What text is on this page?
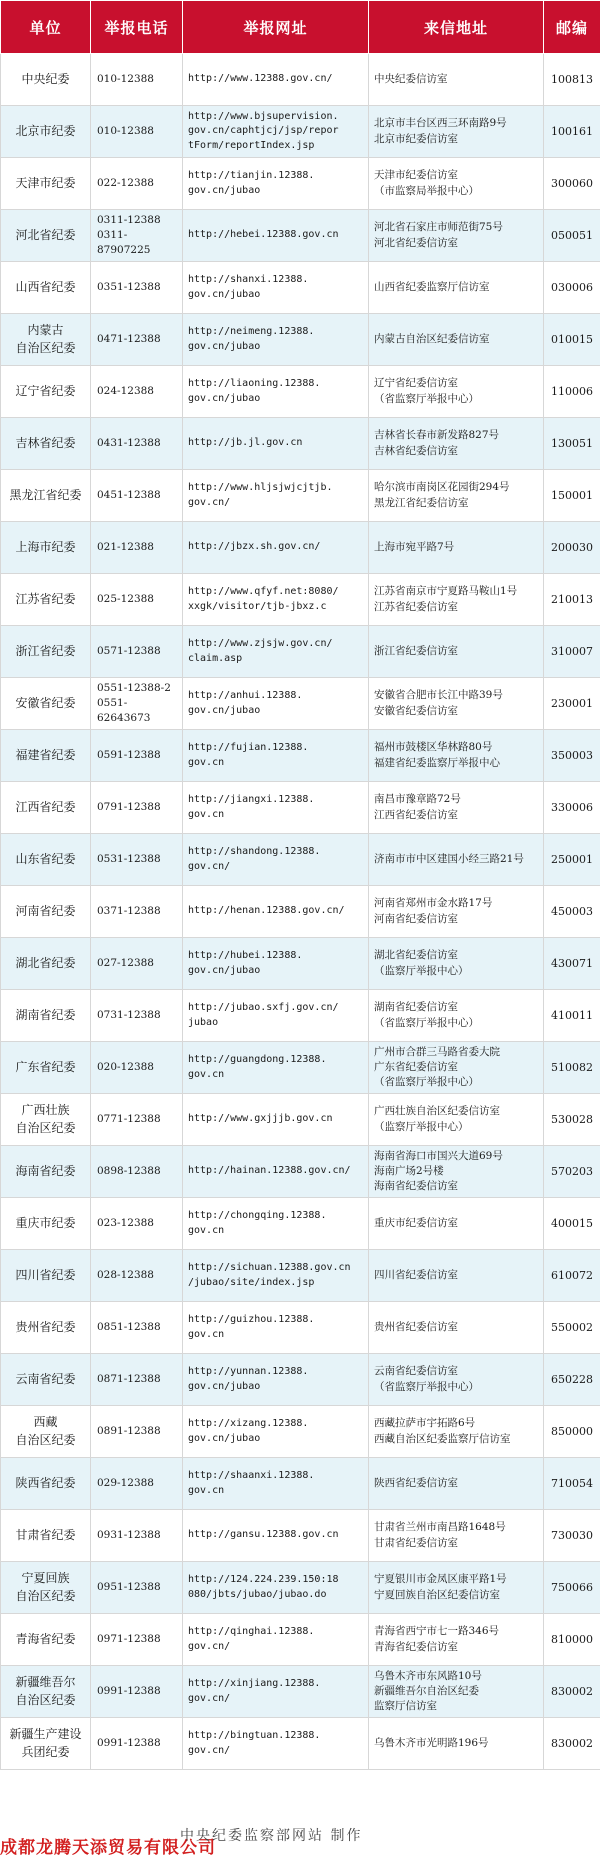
单位	举报电话	举报网址	来信地址	邮编
中央纪委	010-12388	http://www.12388.gov.cn/	中央纪委信访室	100813
北京市纪委	010-12388	http://www.bjsupervision.
gov.cn/caphtjcj/jsp/repor
tForm/reportIndex.jsp	北京市丰台区西三环南路9号
北京市纪委信访室	100161
天津市纪委	022-12388	http://tianjin.12388.
gov.cn/jubao	天津市纪委信访室
（市监察局举报中心）	300060
河北省纪委	0311-12388
0311-87907225	http://hebei.12388.gov.cn	河北省石家庄市师范街75号
河北省纪委信访室	050051
山西省纪委	0351-12388	http://shanxi.12388.
gov.cn/jubao	山西省纪委监察厅信访室	030006
内蒙古
自治区纪委	0471-12388	http://neimeng.12388.
gov.cn/jubao	内蒙古自治区纪委信访室	010015
辽宁省纪委	024-12388	http://liaoning.12388.
gov.cn/jubao	辽宁省纪委信访室
（省监察厅举报中心）	110006
吉林省纪委	0431-12388	http://jb.jl.gov.cn	吉林省长春市新发路827号
吉林省纪委信访室	130051
黑龙江省纪委	0451-12388	http://www.hljsjwjcjtjb.
gov.cn/	哈尔滨市南岗区花园街294号
黑龙江省纪委信访室	150001
上海市纪委	021-12388	http://jbzx.sh.gov.cn/	上海市宛平路7号	200030
江苏省纪委	025-12388	http://www.qfyf.net:8080/
xxgk/visitor/tjb-jbxz.c	江苏省南京市宁夏路马鞍山1号
江苏省纪委信访室	210013
浙江省纪委	0571-12388	http://www.zjsjw.gov.cn/
claim.asp	浙江省纪委信访室	310007
安徽省纪委	0551-12388-2
0551-62643673	http://anhui.12388.
gov.cn/jubao	安徽省合肥市长江中路39号
安徽省纪委信访室	230001
福建省纪委	0591-12388	http://fujian.12388.
gov.cn	福州市鼓楼区华林路80号
福建省纪委监察厅举报中心	350003
江西省纪委	0791-12388	http://jiangxi.12388.
gov.cn	南昌市豫章路72号
江西省纪委信访室	330006
山东省纪委	0531-12388	http://shandong.12388.
gov.cn/	济南市市中区建国小经三路21号	250001
河南省纪委	0371-12388	http://henan.12388.gov.cn/	河南省郑州市金水路17号
河南省纪委信访室	450003
湖北省纪委	027-12388	http://hubei.12388.
gov.cn/jubao	湖北省纪委信访室
（监察厅举报中心）	430071
湖南省纪委	0731-12388	http://jubao.sxfj.gov.cn/
jubao	湖南省纪委信访室
（省监察厅举报中心）	410011
广东省纪委	020-12388	http://guangdong.12388.
gov.cn	广州市合群三马路省委大院
广东省纪委信访室
（省监察厅举报中心）	510082
广西壮族
自治区纪委	0771-12388	http://www.gxjjjb.gov.cn	广西壮族自治区纪委信访室
（监察厅举报中心）	530028
海南省纪委	0898-12388	http://hainan.12388.gov.cn/	海南省海口市国兴大道69号
海南广场2号楼
海南省纪委信访室	570203
重庆市纪委	023-12388	http://chongqing.12388.
gov.cn	重庆市纪委信访室	400015
四川省纪委	028-12388	http://sichuan.12388.gov.cn
/jubao/site/index.jsp	四川省纪委信访室	610072
贵州省纪委	0851-12388	http://guizhou.12388.
gov.cn	贵州省纪委信访室	550002
云南省纪委	0871-12388	http://yunnan.12388.
gov.cn/jubao	云南省纪委信访室
（省监察厅举报中心）	650228
西藏
自治区纪委	0891-12388	http://xizang.12388.
gov.cn/jubao	西藏拉萨市宇拓路6号
西藏自治区纪委监察厅信访室	850000
陕西省纪委	029-12388	http://shaanxi.12388.
gov.cn	陕西省纪委信访室	710054
甘肃省纪委	0931-12388	http://gansu.12388.gov.cn	甘肃省兰州市南昌路1648号
甘肃省纪委信访室	730030
宁夏回族
自治区纪委	0951-12388	http://124.224.239.150:18
080/jbts/jubao/jubao.do	宁夏银川市金凤区康平路1号
宁夏回族自治区纪委信访室	750066
青海省纪委	0971-12388	http://qinghai.12388.
gov.cn/	青海省西宁市七一路346号
青海省纪委信访室	810000
新疆维吾尔
自治区纪委	0991-12388	http://xinjiang.12388.
gov.cn/	乌鲁木齐市东风路10号
新疆维吾尔自治区纪委
监察厅信访室	830002
新疆生产建设
兵团纪委	0991-12388	http://bingtuan.12388.
gov.cn/	乌鲁木齐市光明路196号	830002
成都龙腾天添贸易有限公司
中央纪委监察部网站 制作
